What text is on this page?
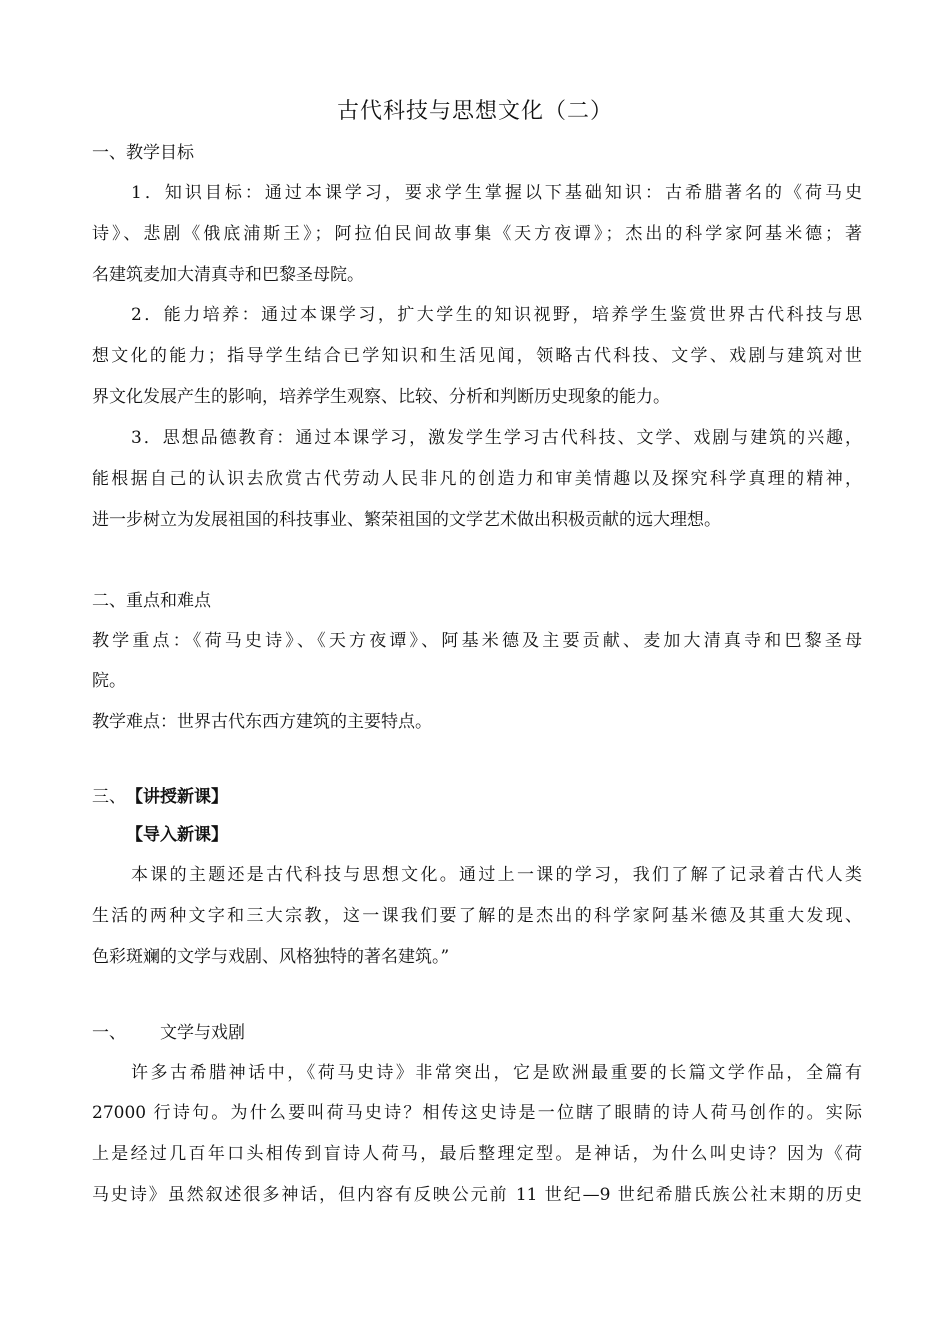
古代科技与思想文化（二）
一、教学目标
1．知识目标：通过本课学习，要求学生掌握以下基础知识：古希腊著名的《荷马史
诗》、悲剧《俄底浦斯王》；阿拉伯民间故事集《天方夜谭》；杰出的科学家阿基米德；著
名建筑麦加大清真寺和巴黎圣母院。
2．能力培养：通过本课学习，扩大学生的知识视野，培养学生鉴赏世界古代科技与思
想文化的能力；指导学生结合已学知识和生活见闻，领略古代科技、文学、戏剧与建筑对世
界文化发展产生的影响，培养学生观察、比较、分析和判断历史现象的能力。
3．思想品德教育：通过本课学习，激发学生学习古代科技、文学、戏剧与建筑的兴趣，
能根据自己的认识去欣赏古代劳动人民非凡的创造力和审美情趣以及探究科学真理的精神，
进一步树立为发展祖国的科技事业、繁荣祖国的文学艺术做出积极贡献的远大理想。
二、重点和难点
教学重点：《荷马史诗》、《天方夜谭》、阿基米德及主要贡献、麦加大清真寺和巴黎圣母
院。
教学难点：世界古代东西方建筑的主要特点。
三、 【讲授新课】
【导入新课】
本课的主题还是古代科技与思想文化。通过上一课的学习，我们了解了记录着古代人类
生活的两种文字和三大宗教，这一课我们要了解的是杰出的科学家阿基米德及其重大发现、
色彩斑斓的文学与戏剧、风格独特的著名建筑。”
一、 文学与戏剧
许多古希腊神话中，《荷马史诗》非常突出，它是欧洲最重要的长篇文学作品，全篇有
27000 行诗句。为什么要叫荷马史诗？相传这史诗是一位瞎了眼睛的诗人荷马创作的。实际
上是经过几百年口头相传到盲诗人荷马，最后整理定型。是神话，为什么叫史诗？因为《荷
马史诗》虽然叙述很多神话，但内容有反映公元前 11 世纪—9 世纪希腊氏族公社末期的历史
